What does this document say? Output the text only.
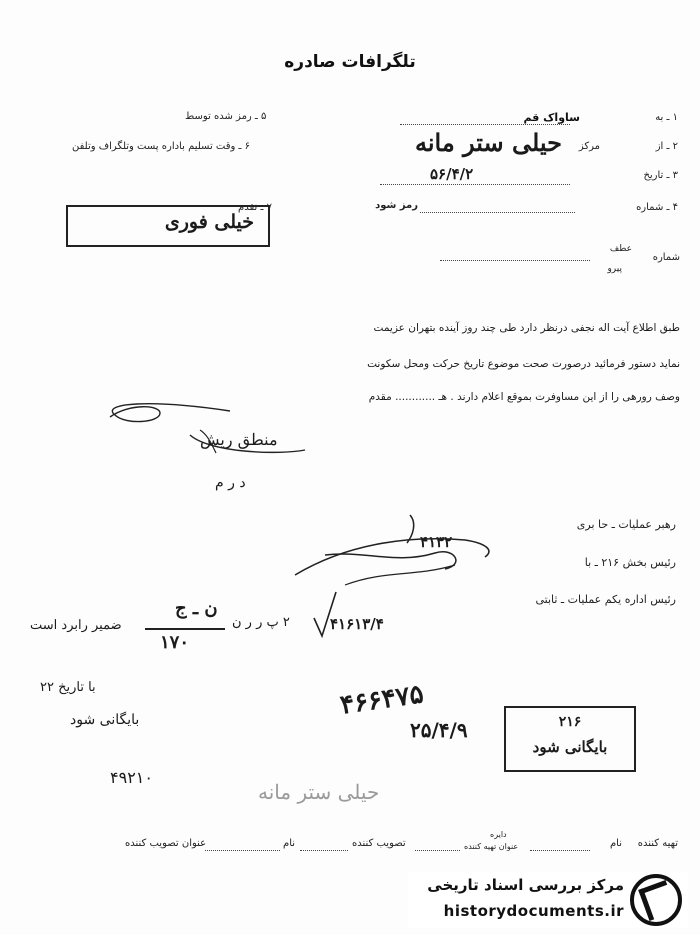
تلگرافات صادره
۱ ـ به
ساواک قم
۲ ـ از
مرکز
حیلی ستر مانه
۳ ـ تاریخ
۵۶/۴/۲
۴ ـ شماره
رمز شود
۵ ـ رمز شده توسط
۶ ـ وقت تسلیم باداره پست وتلگراف وتلفن
۷ ـ تقدم
خیلی فوری
شماره
عطف
پیرو
طبق اطلاع آیت اله نجفی درنظر دارد طی چند روز آینده بتهران عزیمت
نماید دستور فرمائید درصورت صحت موضوع تاریخ حرکت ومحل سکونت
وصف رورهی را از این مساوفرت بموقع اعلام دارند . هـ ............ مقدم
منطق ریش
د ر م
رهبر عملیات ـ حا بری
۴۱۳۲
رئیس بخش ۲۱۶ ـ با
رئیس اداره یکم عملیات ـ ثابتی
۴۱۶۱۳/۴
ن ـ ج
۱۷۰
ضمیر رابرد است	۲ پ ر ر ن
با تاریخ ۲۲
بایگانی شود
۴۹۲۱۰
۴۶۶۴۷۵
۲۵/۴/۹
حیلی ستر مانه
۲۱۶
بایگانی شود
تهیه کننده
نام
دایره
عنوان تهیه کننده
تصویب کننده
نام
عنوان تصویب کننده
مرکز بررسی اسناد تاریخی
historydocuments.ir
